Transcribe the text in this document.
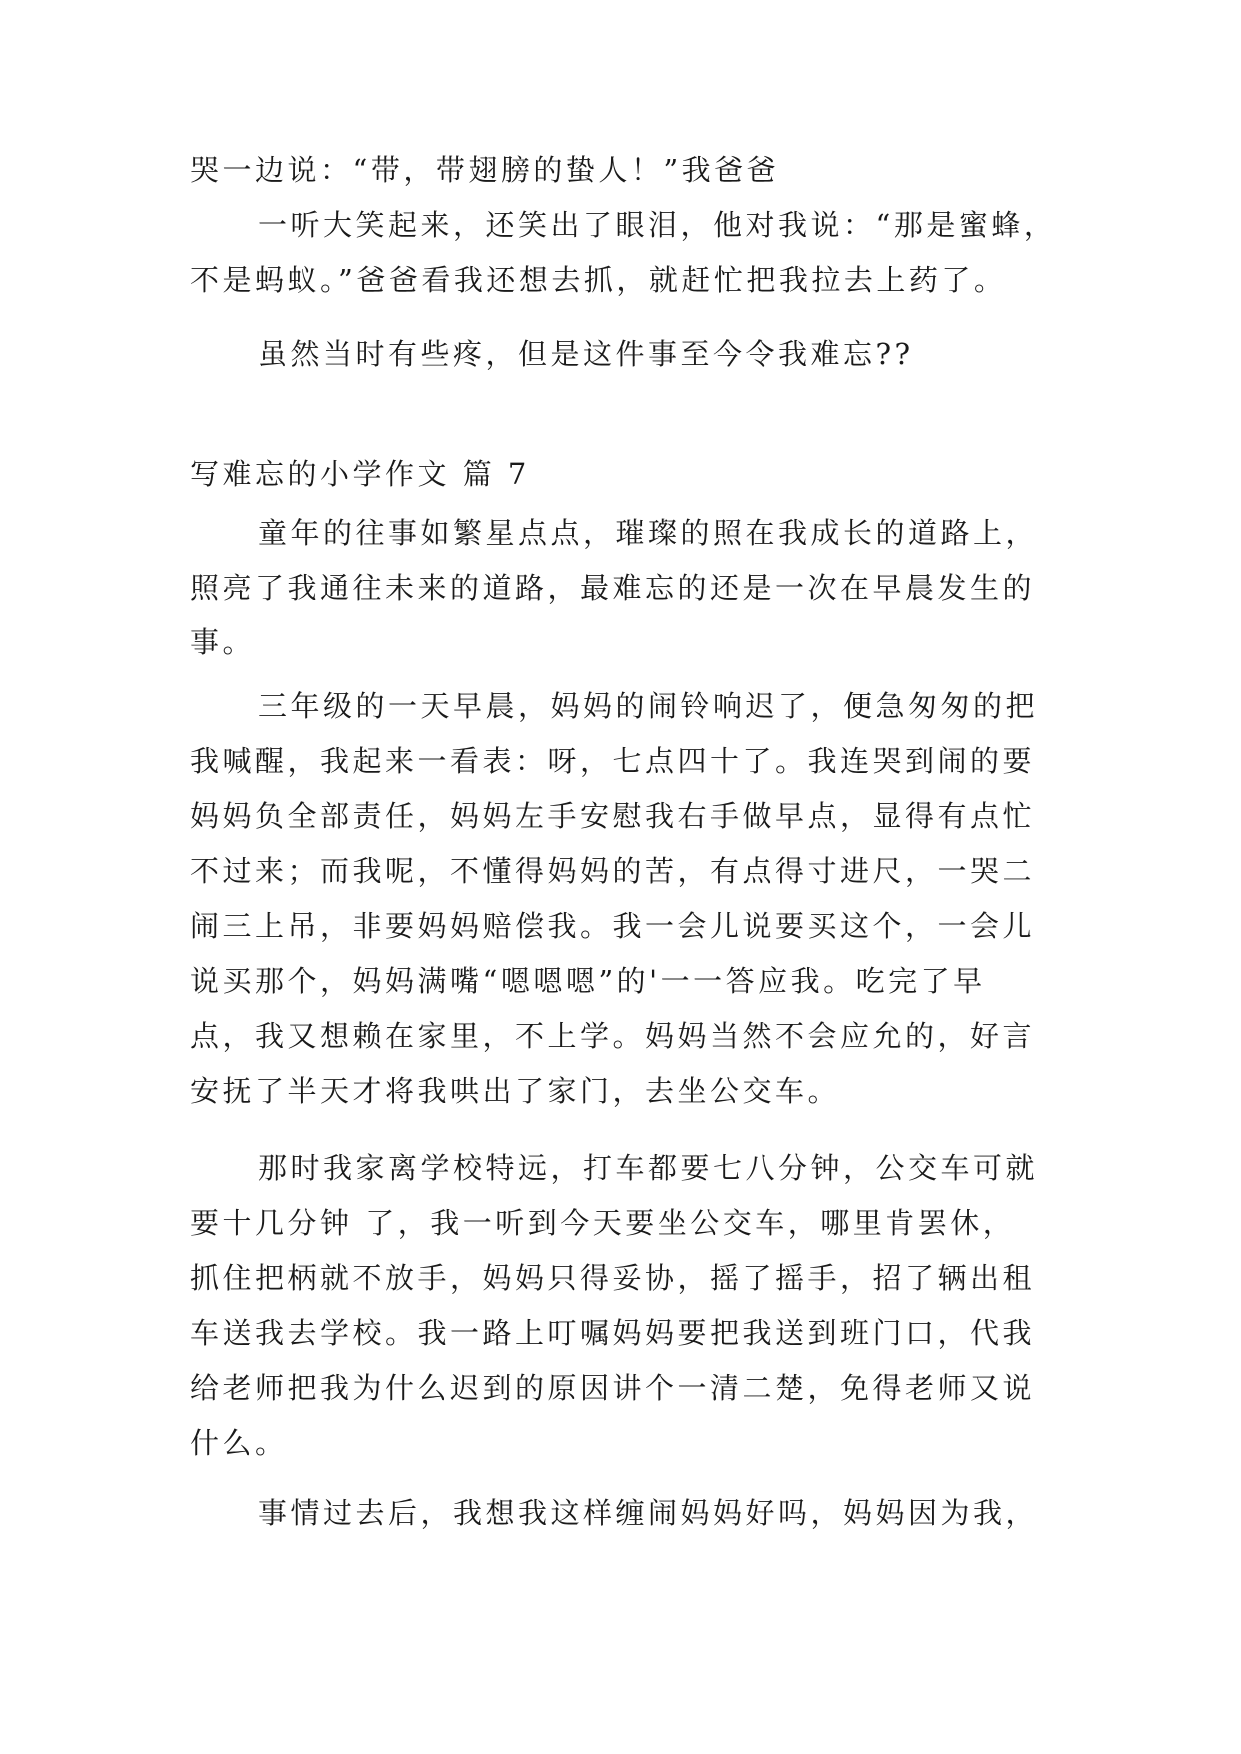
哭一边说：“带，带翅膀的蛰人！”我爸爸
一听大笑起来，还笑出了眼泪，他对我说：“那是蜜蜂，
不是蚂蚁。”爸爸看我还想去抓，就赶忙把我拉去上药了。
虽然当时有些疼，但是这件事至今令我难忘??
写难忘的小学作文 篇 7
童年的往事如繁星点点，璀璨的照在我成长的道路上，
照亮了我通往未来的道路，最难忘的还是一次在早晨发生的
事。
三年级的一天早晨，妈妈的闹铃响迟了，便急匆匆的把
我喊醒，我起来一看表：呀，七点四十了。我连哭到闹的要
妈妈负全部责任，妈妈左手安慰我右手做早点，显得有点忙
不过来；而我呢，不懂得妈妈的苦，有点得寸进尺，一哭二
闹三上吊，非要妈妈赔偿我。我一会儿说要买这个，一会儿
说买那个，妈妈满嘴“嗯嗯嗯”的'一一答应我。吃完了早
点，我又想赖在家里，不上学。妈妈当然不会应允的，好言
安抚了半天才将我哄出了家门，去坐公交车。
那时我家离学校特远，打车都要七八分钟，公交车可就
要十几分钟 了，我一听到今天要坐公交车，哪里肯罢休，
抓住把柄就不放手，妈妈只得妥协，摇了摇手，招了辆出租
车送我去学校。我一路上叮嘱妈妈要把我送到班门口，代我
给老师把我为什么迟到的原因讲个一清二楚，免得老师又说
什么。
事情过去后，我想我这样缠闹妈妈好吗，妈妈因为我，
